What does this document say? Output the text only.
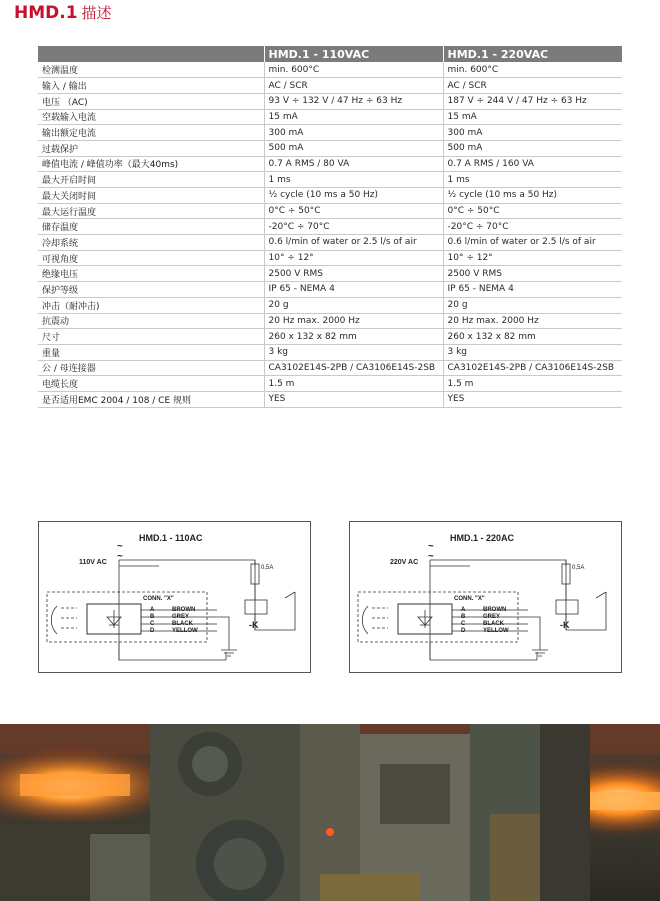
HMD.1 描述
	HMD.1 - 110VAC	HMD.1 - 220VAC
检测温度	min. 600°C	min. 600°C
输入 / 输出	AC / SCR	AC / SCR
电压 （AC)	93 V ÷ 132 V / 47 Hz ÷ 63 Hz	187 V ÷ 244 V / 47 Hz ÷ 63 Hz
空载输入电流	15 mA	15 mA
输出额定电流	300 mA	300 mA
过载保护	500 mA	500 mA
峰值电流 / 峰值功率（最大40ms)	0.7 A RMS / 80 VA	0.7 A RMS / 160 VA
最大开启时间	1 ms	1 ms
最大关闭时间	½ cycle (10 ms a 50 Hz)	½ cycle (10 ms a 50 Hz)
最大运行温度	0°C ÷ 50°C	0°C ÷ 50°C
储存温度	-20°C ÷ 70°C	-20°C ÷ 70°C
冷却系统	0.6 l/min of water or 2.5 l/s of air	0.6 l/min of water or 2.5 l/s of air
可视角度	10° ÷ 12°	10° ÷ 12°
绝缘电压	2500 V RMS	2500 V RMS
保护等级	IP 65 - NEMA 4	IP 65 - NEMA 4
冲击（耐冲击)	20 g	20 g
抗震动	20 Hz max. 2000 Hz	20 Hz max. 2000 Hz
尺寸	260 x 132 x 82 mm	260 x 132 x 82 mm
重量	3 kg	3 kg
公 / 母连接器	CA3102E14S-2PB / CA3106E14S-2SB	CA3102E14S-2PB / CA3106E14S-2SB
电缆长度	1.5 m	1.5 m
是否适用EMC 2004 / 108 / CE 规则	YES	YES
HMD.1 - 110AC
~
~
110V AC
0,5A
CONN. "X"
-K
A
B
C
D
BROWN
GREY
BLACK
YELLOW
HMD.1 - 220AC
~
~
220V AC
0,5A
CONN. "X"
-K
A
B
C
D
BROWN
GREY
BLACK
YELLOW
